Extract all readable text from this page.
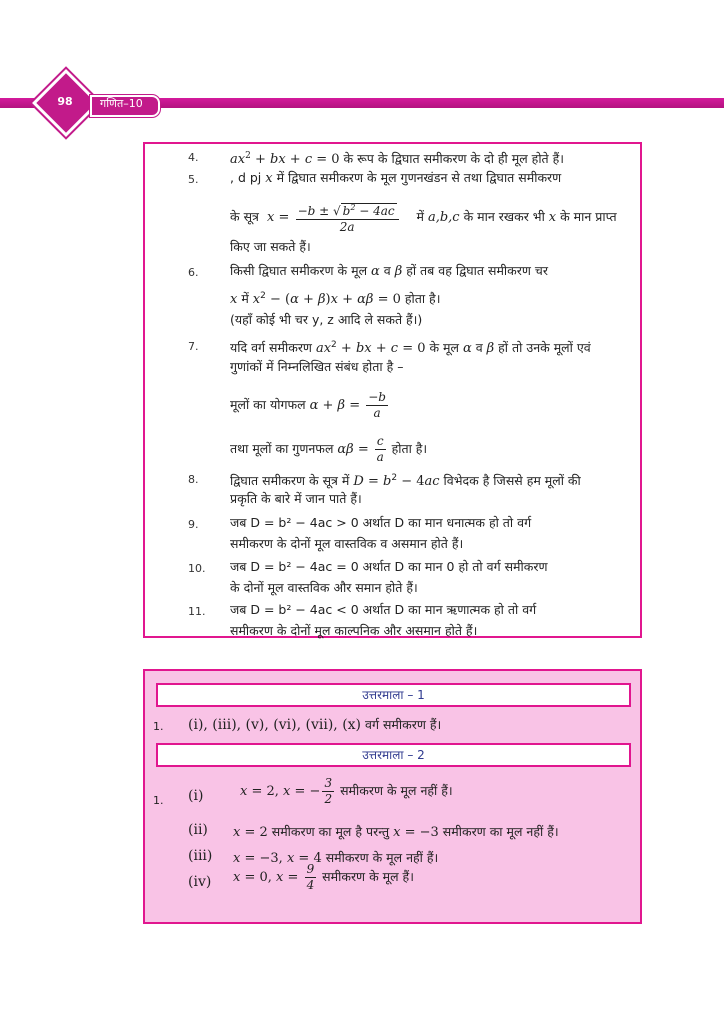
98	गणित–10
4. $ax^2$ + bx + c = 0 के रूप के द्विघात समीकरण के दो ही मूल होते हैं।
5.	, d pj x में द्विघात समीकरण के मूल गुणनखंडन से तथा द्विघात समीकरण
के सूत्र  $x = \frac{-b \pm √ b^2 - 4ac}{2a}$ में a,b,c के मान रखकर भी x के मान प्राप्त
किए जा सकते हैं।
6.	किसी द्विघात समीकरण के मूल α व β हों तब वह द्विघात समीकरण चर
x में $x^2 - (\alpha + \beta)x + \alpha\beta = 0$ होता है।
(यहाँ कोई भी चर y, z आदि ले सकते हैं।)
7.	यदि वर्ग समीकरण $ax^2$ + bx + c = 0 के मूल α व β हों तो उनके मूलों एवं
गुणांकों में निम्नलिखित संबंध होता है –
मूलों का योगफल $\alpha + \beta = \frac{-b}{a}$
तथा मूलों का गुणनफल $\alpha\beta = \frac{c}{a}$ होता है।
8.	द्विघात समीकरण के सूत्र में $D = b^2 - 4ac$ विभेदक है जिससे हम मूलों की
प्रकृति के बारे में जान पाते हैं।
9.	जब D = b² − 4ac > 0 अर्थात D का मान धनात्मक हो तो वर्ग
समीकरण के दोनों मूल वास्तविक व असमान होते हैं।
10. जब D = b² − 4ac = 0 अर्थात D का मान 0 हो तो वर्ग समीकरण
के दोनों मूल वास्तविक और समान होते हैं।
11. जब D = b² − 4ac < 0 अर्थात D का मान ऋणात्मक हो तो वर्ग
समीकरण के दोनों मूल काल्पनिक और असमान होते हैं।
उत्तरमाला – 1
1. (i), (iii), (v), (vi), (vii), (x) वर्ग समीकरण हैं।
उत्तरमाला – 2
1. (i)	x = 2, x = − $\frac{3}{2}$ समीकरण के मूल नहीं हैं।
(ii) x = 2 समीकरण का मूल है परन्तु x = −3 समीकरण का मूल नहीं हैं।
(iii) x = −3, x = 4 समीकरण के मूल नहीं हैं।
(iv) x = 0, $x = \frac{9}{4}$ समीकरण के मूल हैं।
